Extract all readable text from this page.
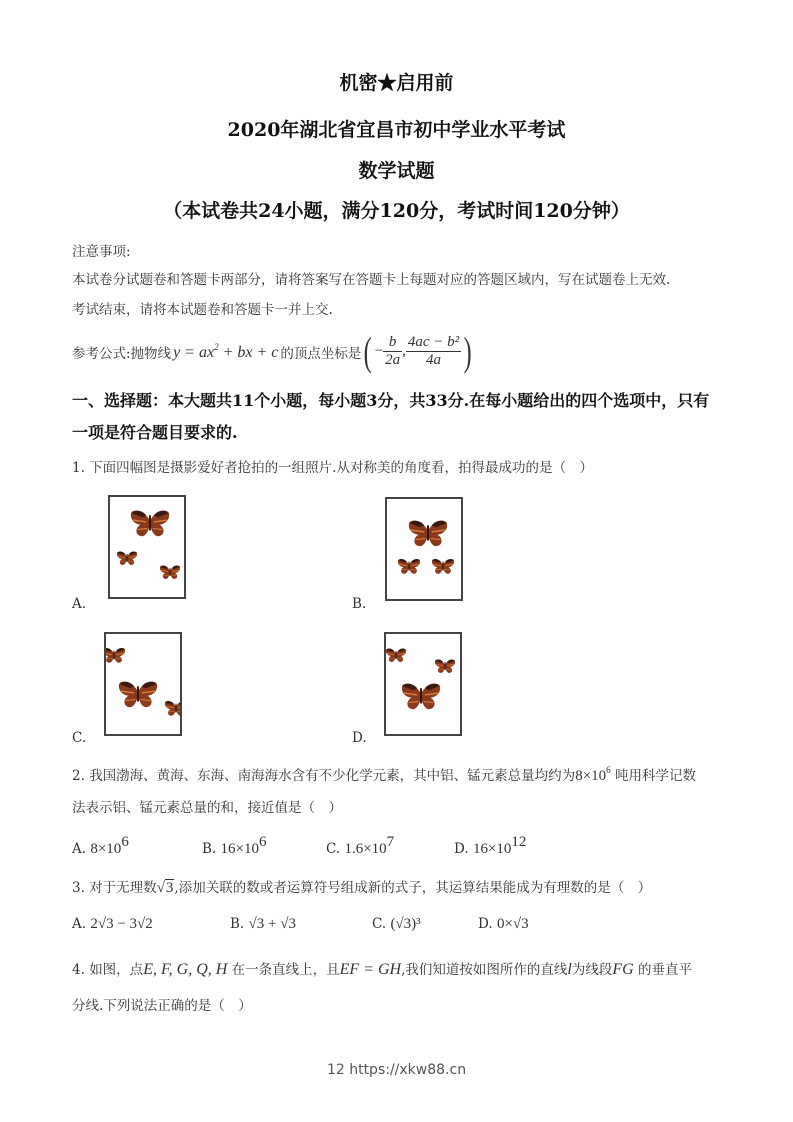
机密★启用前
2020年湖北省宜昌市初中学业水平考试
数学试题
（本试卷共24小题，满分120分，考试时间120分钟）
注意事项:
本试卷分试题卷和答题卡两部分，请将答案写在答题卡上每题对应的答题区域内，写在试题卷上无效.
考试结束，请将本试题卷和答题卡一并上交.
参考公式:抛物线 $y = ax^2$ + bx + c 的顶点坐标是 ( − $\frac{b}{2a}$ , $\frac{\text{4ac − b²}}{4a}$ )
一、选择题：本大题共11个小题，每小题3分，共33分.在每小题给出的四个选项中，只有
一项是符合题目要求的.
1. 下面四幅图是摄影爱好者抢拍的一组照片.从对称美的角度看，拍得最成功的是（　）
A.	B.
C.	D.
2. 我国渤海、黄海、东海、南海海水含有不少化学元素，其中铝、锰元素总量均约为$8\times 10^6$ 吨用科学记数
法表示铝、锰元素总量的和，接近值是（　）
A. $8\times 10^6$	B. $16\times 10^6$	C. $1.6\times 10^7$	D. $16\times 10^{12}$
3. 对于无理数√3,添加关联的数或者运算符号组成新的式子，其运算结果能成为有理数的是（　）
A. 2√3 − 3√2	B. √3 + √3	C. (√3)³	D. 0×√3
4. 如图，点E, F, G, Q, H 在一条直线上，且EF = GH,我们知道按如图所作的直线l为线段FG 的垂直平
分线.下列说法正确的是（　）
12 https://xkw88.cn
